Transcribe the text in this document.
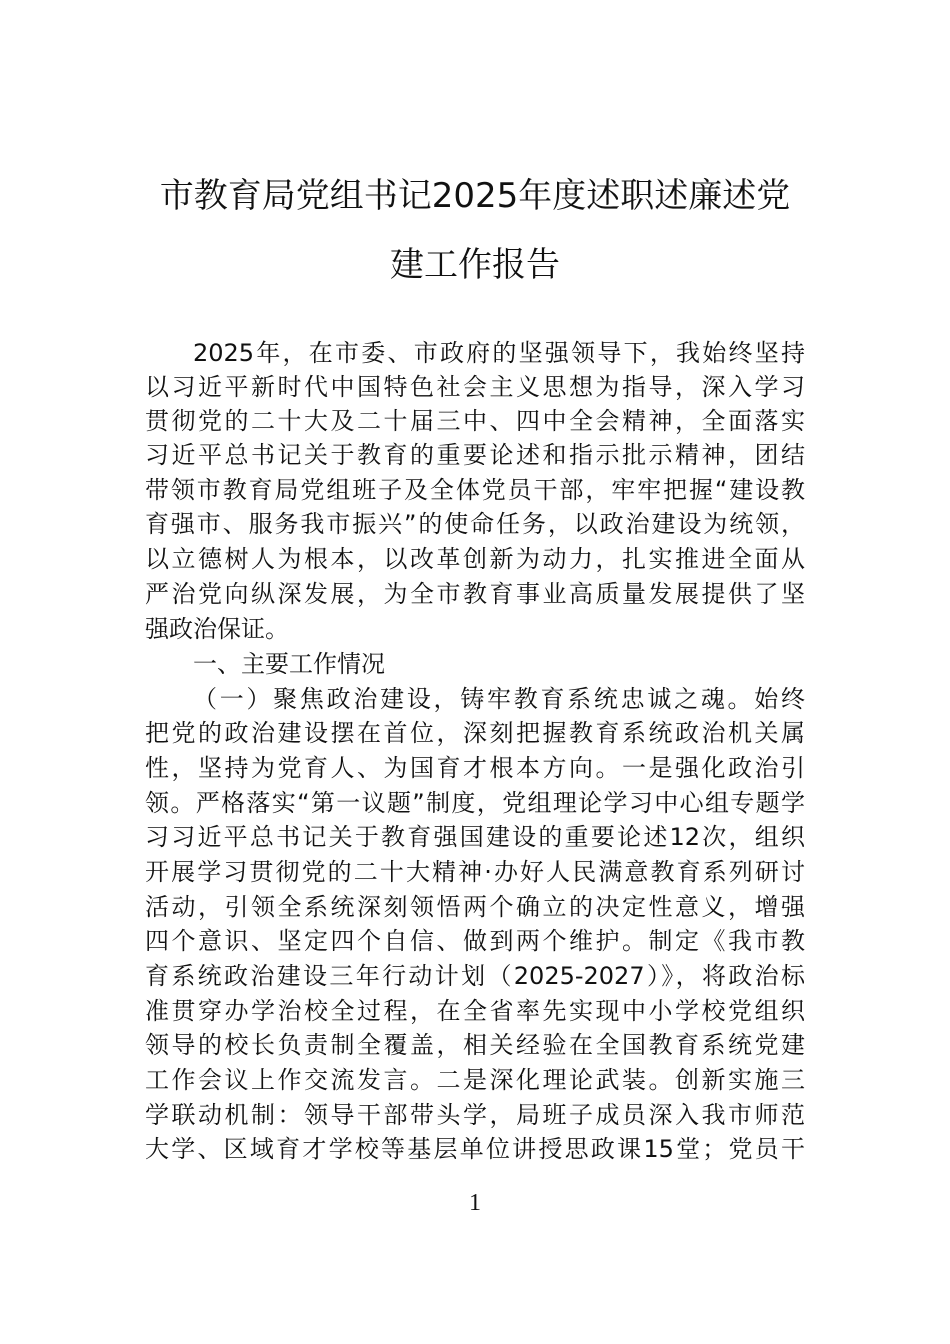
市教育局党组书记2025年度述职述廉述党
建工作报告
2025年，在市委、市政府的坚强领导下，我始终坚持
以习近平新时代中国特色社会主义思想为指导，深入学习
贯彻党的二十大及二十届三中、四中全会精神，全面落实
习近平总书记关于教育的重要论述和指示批示精神，团结
带领市教育局党组班子及全体党员干部，牢牢把握“建设教
育强市、服务我市振兴”的使命任务，以政治建设为统领，
以立德树人为根本，以改革创新为动力，扎实推进全面从
严治党向纵深发展，为全市教育事业高质量发展提供了坚
强政治保证。
一、主要工作情况
（一）聚焦政治建设，铸牢教育系统忠诚之魂。始终
把党的政治建设摆在首位，深刻把握教育系统政治机关属
性，坚持为党育人、为国育才根本方向。一是强化政治引
领。严格落实“第一议题”制度，党组理论学习中心组专题学
习习近平总书记关于教育强国建设的重要论述12次，组织
开展学习贯彻党的二十大精神·办好人民满意教育系列研讨
活动，引领全系统深刻领悟两个确立的决定性意义，增强
四个意识、坚定四个自信、做到两个维护。制定《我市教
育系统政治建设三年行动计划（2025-2027）》，将政治标
准贯穿办学治校全过程，在全省率先实现中小学校党组织
领导的校长负责制全覆盖，相关经验在全国教育系统党建
工作会议上作交流发言。二是深化理论武装。创新实施三
学联动机制：领导干部带头学，局班子成员深入我市师范
大学、区域育才学校等基层单位讲授思政课15堂；党员干
1
